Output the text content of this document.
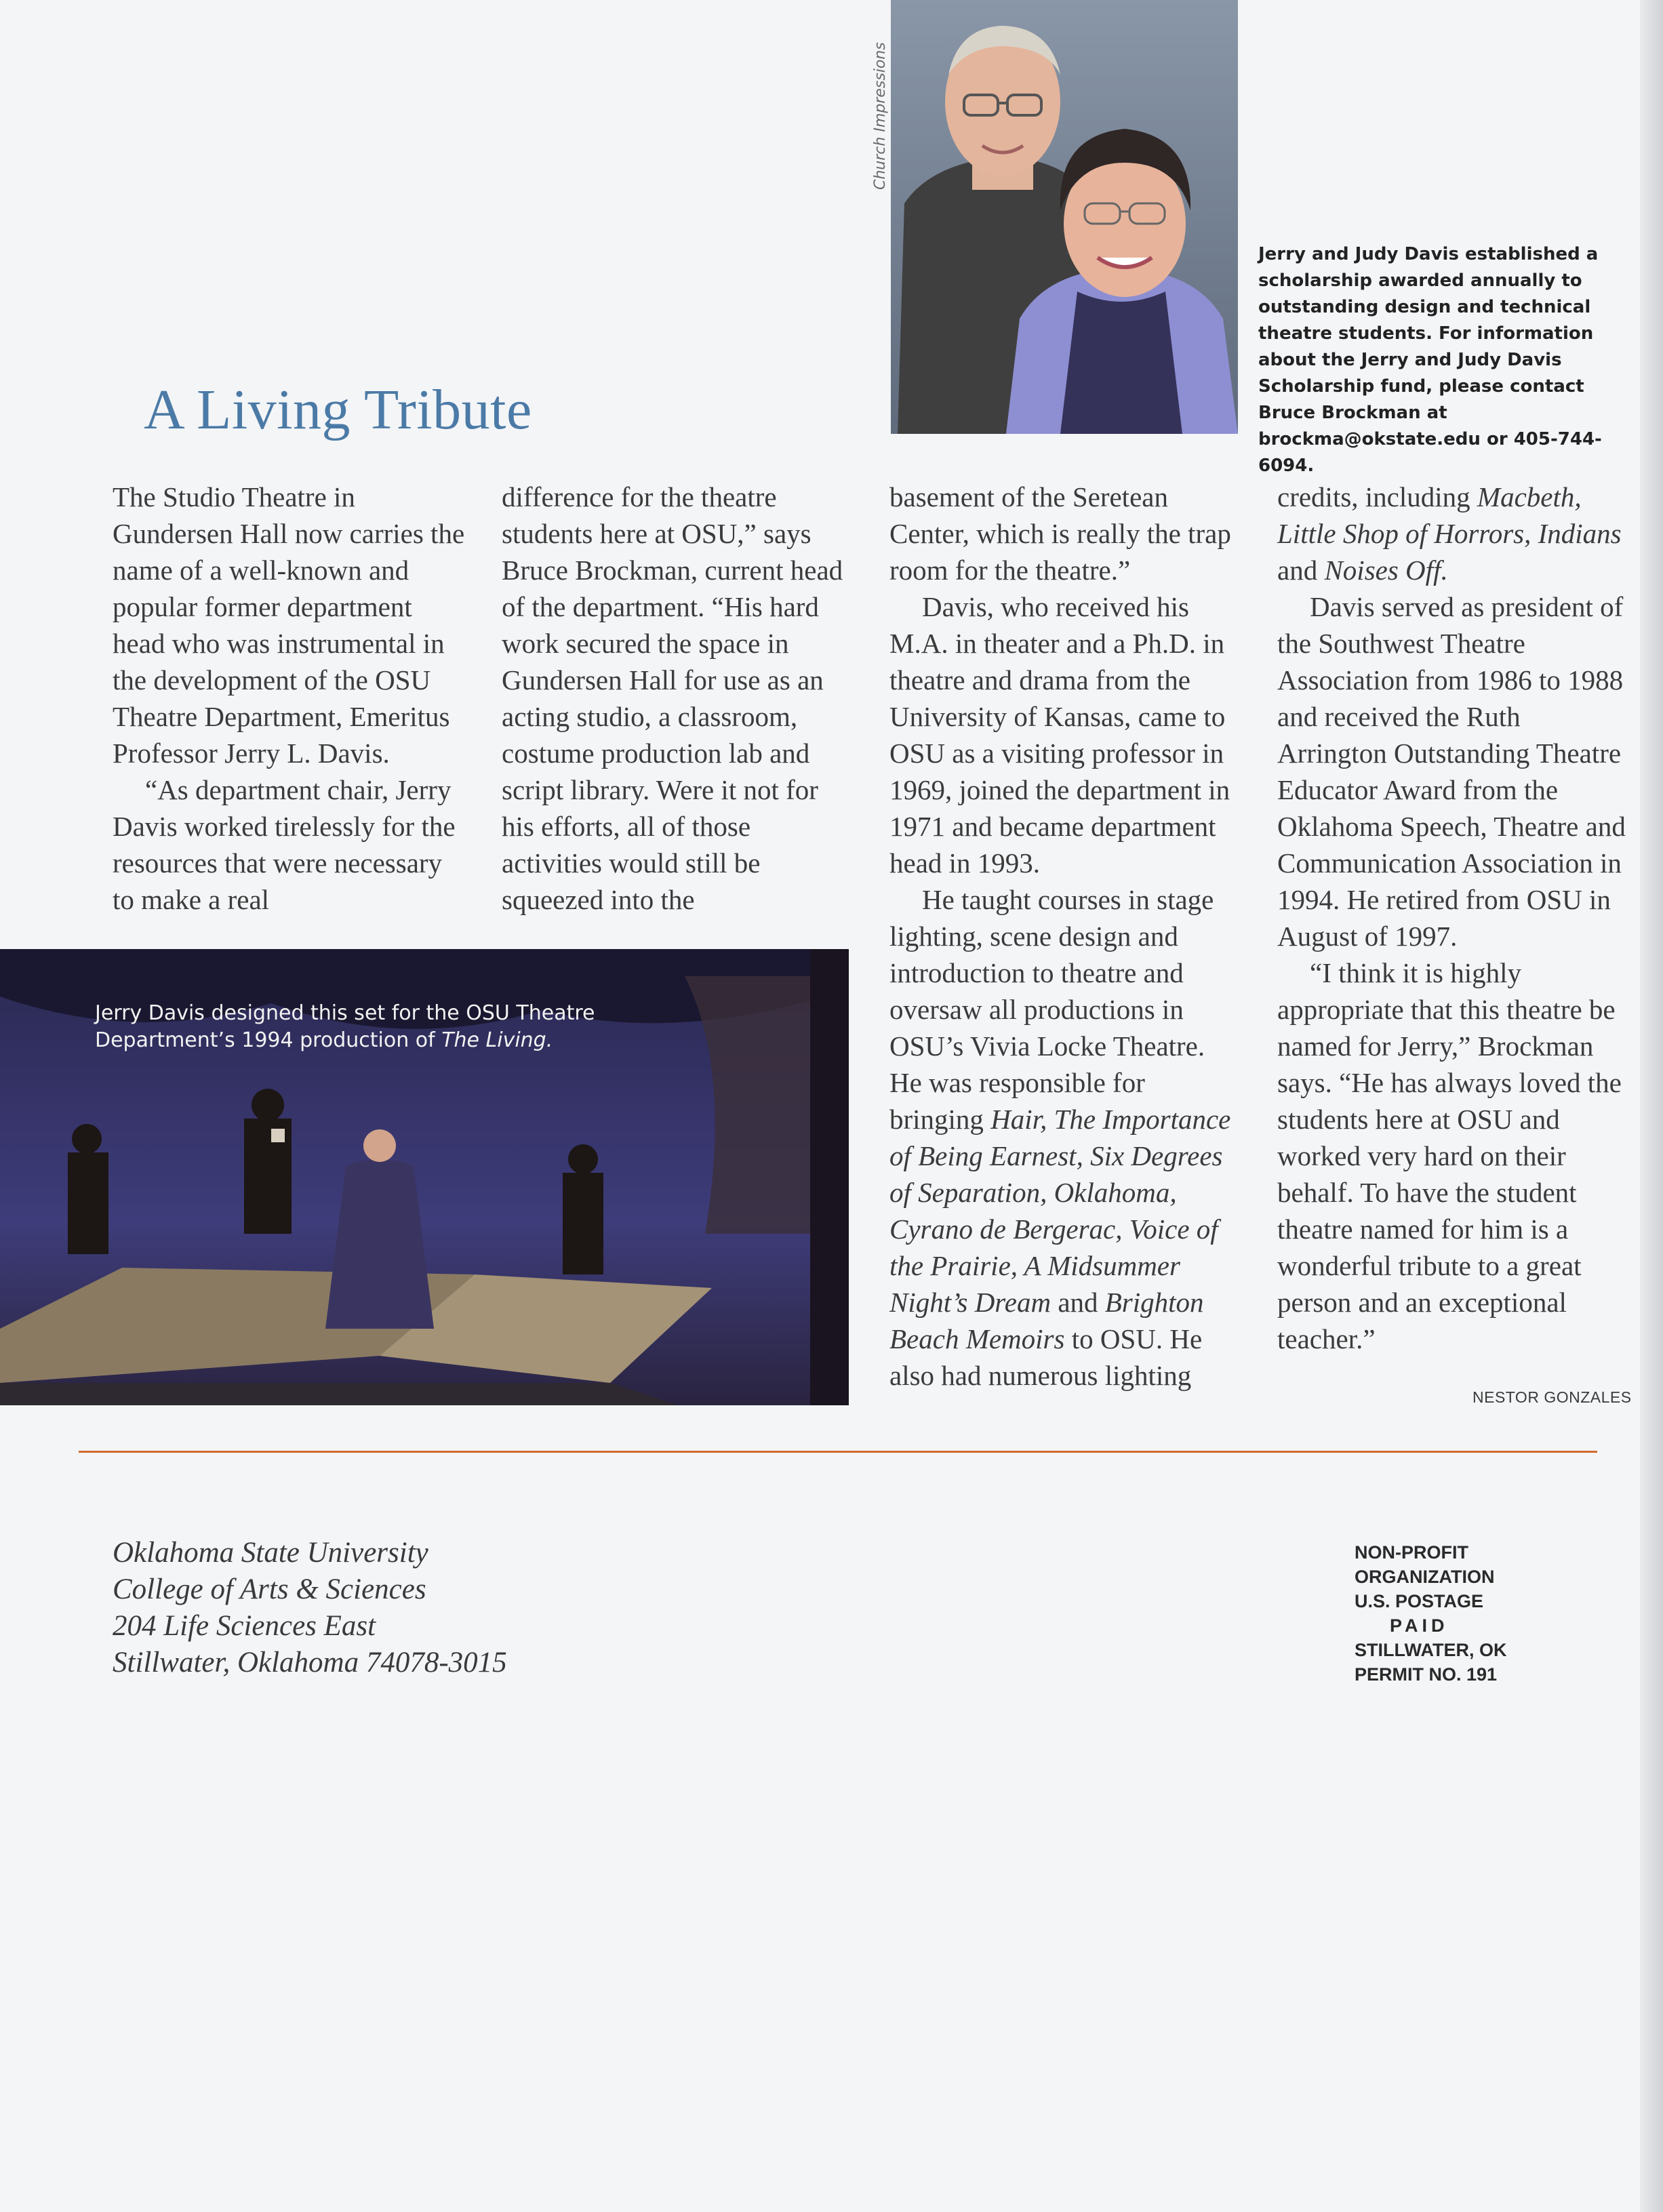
Church Impressions
Jerry and Judy Davis established a scholarship awarded annually to outstanding design and technical theatre students. For information about the Jerry and Judy Davis Scholarship fund, please contact Bruce Brockman at brockma@okstate.edu or 405-744-6094.
A Living Tribute

The Studio Theatre in Gundersen Hall now carries the name of a well-known and popular former department head who was instrumental in the development of the OSU Theatre Department, Emeritus Professor Jerry L. Davis.

“As department chair, Jerry Davis worked tirelessly for the resources that were necessary to make a real

difference for the theatre students here at OSU,” says Bruce Brockman, current head of the department. “His hard work secured the space in Gundersen Hall for use as an acting studio, a classroom, costume production lab and script library. Were it not for his efforts, all of those activities would still be squeezed into the

basement of the Seretean Center, which is really the trap room for the theatre.”

Davis, who received his M.A. in theater and a Ph.D. in theatre and drama from the University of Kansas, came to OSU as a visiting professor in 1969, joined the department in 1971 and became department head in 1993.

He taught courses in stage lighting, scene design and introduction to theatre and oversaw all productions in OSU’s Vivia Locke Theatre. He was responsible for bringing Hair, The Importance of Being Earnest, Six Degrees of Separation, Oklahoma, Cyrano de Bergerac, Voice of the Prairie, A Midsummer Night’s Dream and Brighton Beach Memoirs to OSU. He also had numerous lighting

credits, including Macbeth, Little Shop of Horrors, Indians and Noises Off.

Davis served as president of the Southwest Theatre Association from 1986 to 1988 and received the Ruth Arrington Outstanding Theatre Educator Award from the Oklahoma Speech, Theatre and Communication Association in 1994. He retired from OSU in August of 1997.

“I think it is highly appropriate that this theatre be named for Jerry,” Brockman says. “He has always loved the students here at OSU and worked very hard on their behalf. To have the student theatre named for him is a wonderful tribute to a great person and an exceptional teacher.”

Jerry Davis designed this set for the OSU Theatre Department’s 1994 production of The Living.
NESTOR GONZALES
Oklahoma State University
College of Arts & Sciences
204 Life Sciences East
Stillwater, Oklahoma 74078-3015
NON-PROFIT
ORGANIZATION
U.S. POSTAGE
PAID
STILLWATER, OK
PERMIT NO. 191
